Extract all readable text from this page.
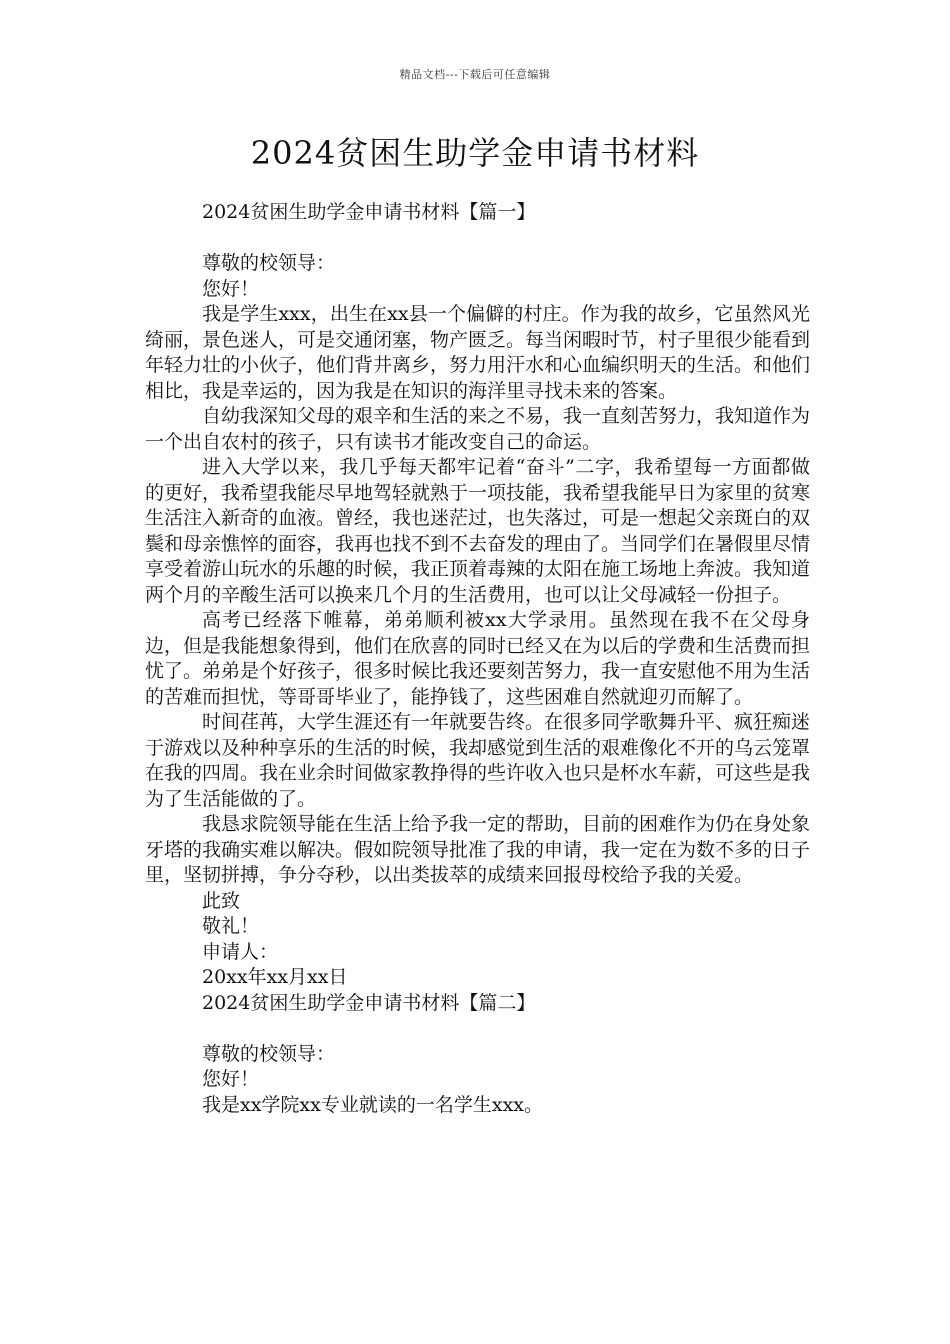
精品文档---下载后可任意编辑
2024贫困生助学金申请书材料
2024贫困生助学金申请书材料【篇一】
尊敬的校领导：
您好！

我是学生xxx，出生在xx县一个偏僻的村庄。作为我的故乡，它虽然风光绮丽，景色迷人，可是交通闭塞，物产匮乏。每当闲暇时节，村子里很少能看到年轻力壮的小伙子，他们背井离乡，努力用汗水和心血编织明天的生活。和他们相比，我是幸运的，因为我是在知识的海洋里寻找未来的答案。

自幼我深知父母的艰辛和生活的来之不易，我一直刻苦努力，我知道作为一个出自农村的孩子，只有读书才能改变自己的命运。

进入大学以来，我几乎每天都牢记着“奋斗”二字，我希望每一方面都做的更好，我希望我能尽早地驾轻就熟于一项技能，我希望我能早日为家里的贫寒生活注入新奇的血液。曾经，我也迷茫过，也失落过，可是一想起父亲斑白的双鬓和母亲憔悴的面容，我再也找不到不去奋发的理由了。当同学们在暑假里尽情享受着游山玩水的乐趣的时候，我正顶着毒辣的太阳在施工场地上奔波。我知道两个月的辛酸生活可以换来几个月的生活费用，也可以让父母减轻一份担子。

高考已经落下帷幕，弟弟顺利被xx大学录用。虽然现在我不在父母身边，但是我能想象得到，他们在欣喜的同时已经又在为以后的学费和生活费而担忧了。弟弟是个好孩子，很多时候比我还要刻苦努力，我一直安慰他不用为生活的苦难而担忧，等哥哥毕业了，能挣钱了，这些困难自然就迎刃而解了。

时间荏苒，大学生涯还有一年就要告终。在很多同学歌舞升平、疯狂痴迷于游戏以及种种享乐的生活的时候，我却感觉到生活的艰难像化不开的乌云笼罩在我的四周。我在业余时间做家教挣得的些许收入也只是杯水车薪，可这些是我为了生活能做的了。

我恳求院领导能在生活上给予我一定的帮助，目前的困难作为仍在身处象牙塔的我确实难以解决。假如院领导批准了我的申请，我一定在为数不多的日子里，坚韧拼搏，争分夺秒，以出类拔萃的成绩来回报母校给予我的关爱。

此致
敬礼！
申请人：
20xx年xx月xx日
2024贫困生助学金申请书材料【篇二】
尊敬的校领导：
您好！
我是xx学院xx专业就读的一名学生xxx。
